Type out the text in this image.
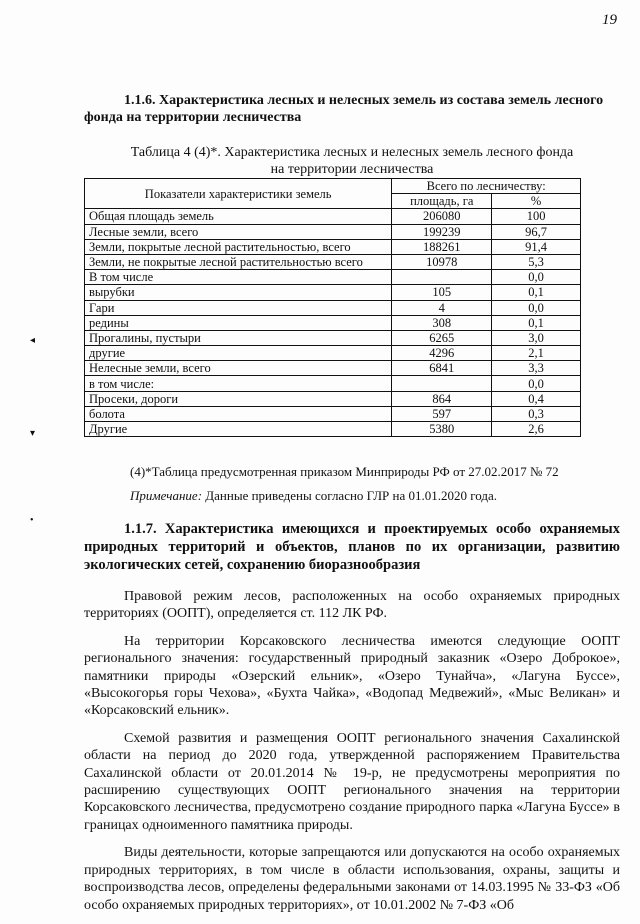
19
1.1.6. Характеристика лесных и нелесных земель из состава земель лесного фонда на территории лесничества
Таблица 4 (4)*. Характеристика лесных и нелесных земель лесного фонда
на территории лесничества
Показатели характеристики земель	Всего по лесничеству:	
	площадь, га	%
Общая площадь земель	206080	100
Лесные земли, всего	199239	96,7
Земли, покрытые лесной растительностью, всего	188261	91,4
Земли, не покрытые лесной растительностью всего	10978	5,3
В том числе		0,0
вырубки	105	0,1
Гари	4	0,0
редины	308	0,1
Прогалины, пустыри	6265	3,0
другие	4296	2,1
Нелесные земли, всего	6841	3,3
в том числе:		0,0
Просеки, дороги	864	0,4
болота	597	0,3
Другие	5380	2,6
(4)*Таблица предусмотренная приказом Минприроды РФ от 27.02.2017 № 72
Примечание: Данные приведены согласно ГЛР на 01.01.2020 года.
1.1.7. Характеристика имеющихся и проектируемых особо охраняемых природных территорий и объектов, планов по их организации, развитию экологических сетей, сохранению биоразнообразия

Правовой режим лесов, расположенных на особо охраняемых природных территориях (ООПТ), определяется ст. 112 ЛК РФ.

На территории Корсаковского лесничества имеются следующие ООПТ регионального значения: государственный природный заказник «Озеро Доброкое», памятники природы «Озерский ельник», «Озеро Тунайча», «Лагуна Буссе», «Высокогорья горы Чехова», «Бухта Чайка», «Водопад Медвежий», «Мыс Великан» и «Корсаковский ельник».

Схемой развития и размещения ООПТ регионального значения Сахалинской области на период до 2020 года, утвержденной распоряжением Правительства Сахалинской области от 20.01.2014 № 19-р, не предусмотрены мероприятия по расширению существующих ООПТ регионального значения на территории Корсаковского лесничества, предусмотрено создание природного парка «Лагуна Буссе» в границах одноименного памятника природы.

Виды деятельности, которые запрещаются или допускаются на особо охраняемых природных территориях, в том числе в области использования, охраны, защиты и воспроизводства лесов, определены федеральными законами от 14.03.1995 № 33-ФЗ «Об особо охраняемых природных территориях», от 10.01.2002 № 7-ФЗ «Об

◂
▾
•
